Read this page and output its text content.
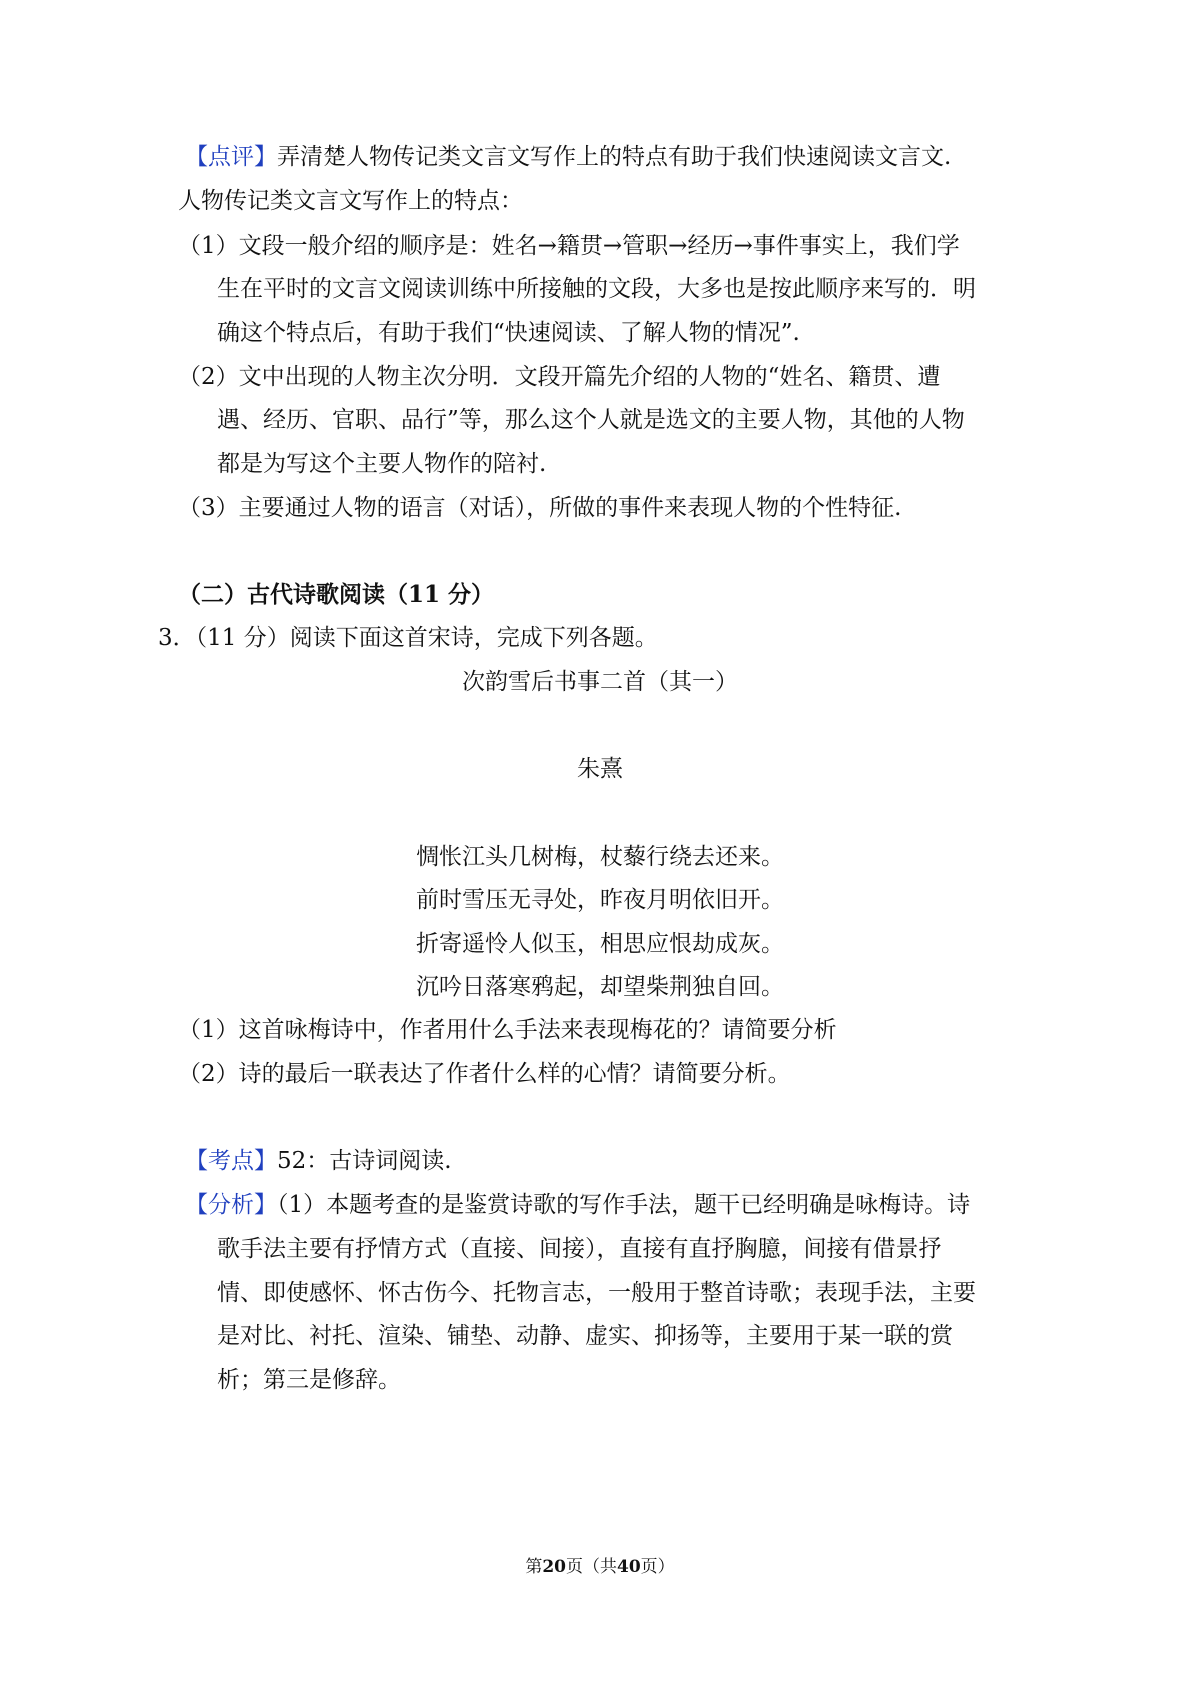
【点评】弄清楚人物传记类文言文写作上的特点有助于我们快速阅读文言文.
人物传记类文言文写作上的特点：
（1）文段一般介绍的顺序是：姓名→籍贯→管职→经历→事件事实上，我们学
生在平时的文言文阅读训练中所接触的文段，大多也是按此顺序来写的．明
确这个特点后，有助于我们“快速阅读、了解人物的情况”.
（2）文中出现的人物主次分明．文段开篇先介绍的人物的“姓名、籍贯、遭
遇、经历、官职、品行”等，那么这个人就是选文的主要人物，其他的人物
都是为写这个主要人物作的陪衬.
（3）主要通过人物的语言（对话），所做的事件来表现人物的个性特征.
（二）古代诗歌阅读（11 分）
3．（11 分）阅读下面这首宋诗，完成下列各题。
次韵雪后书事二首（其一）
朱熹
惆怅江头几树梅，杖藜行绕去还来。
前时雪压无寻处，昨夜月明依旧开。
折寄遥怜人似玉，相思应恨劫成灰。
沉吟日落寒鸦起，却望柴荆独自回。
（1）这首咏梅诗中，作者用什么手法来表现梅花的？请简要分析
（2）诗的最后一联表达了作者什么样的心情？请简要分析。
【考点】52：古诗词阅读.
【分析】（1）本题考查的是鉴赏诗歌的写作手法，题干已经明确是咏梅诗。诗
歌手法主要有抒情方式（直接、间接），直接有直抒胸臆，间接有借景抒
情、即使感怀、怀古伤今、托物言志，一般用于整首诗歌；表现手法，主要
是对比、衬托、渲染、铺垫、动静、虚实、抑扬等，主要用于某一联的赏
析；第三是修辞。
第20页（共40页）
